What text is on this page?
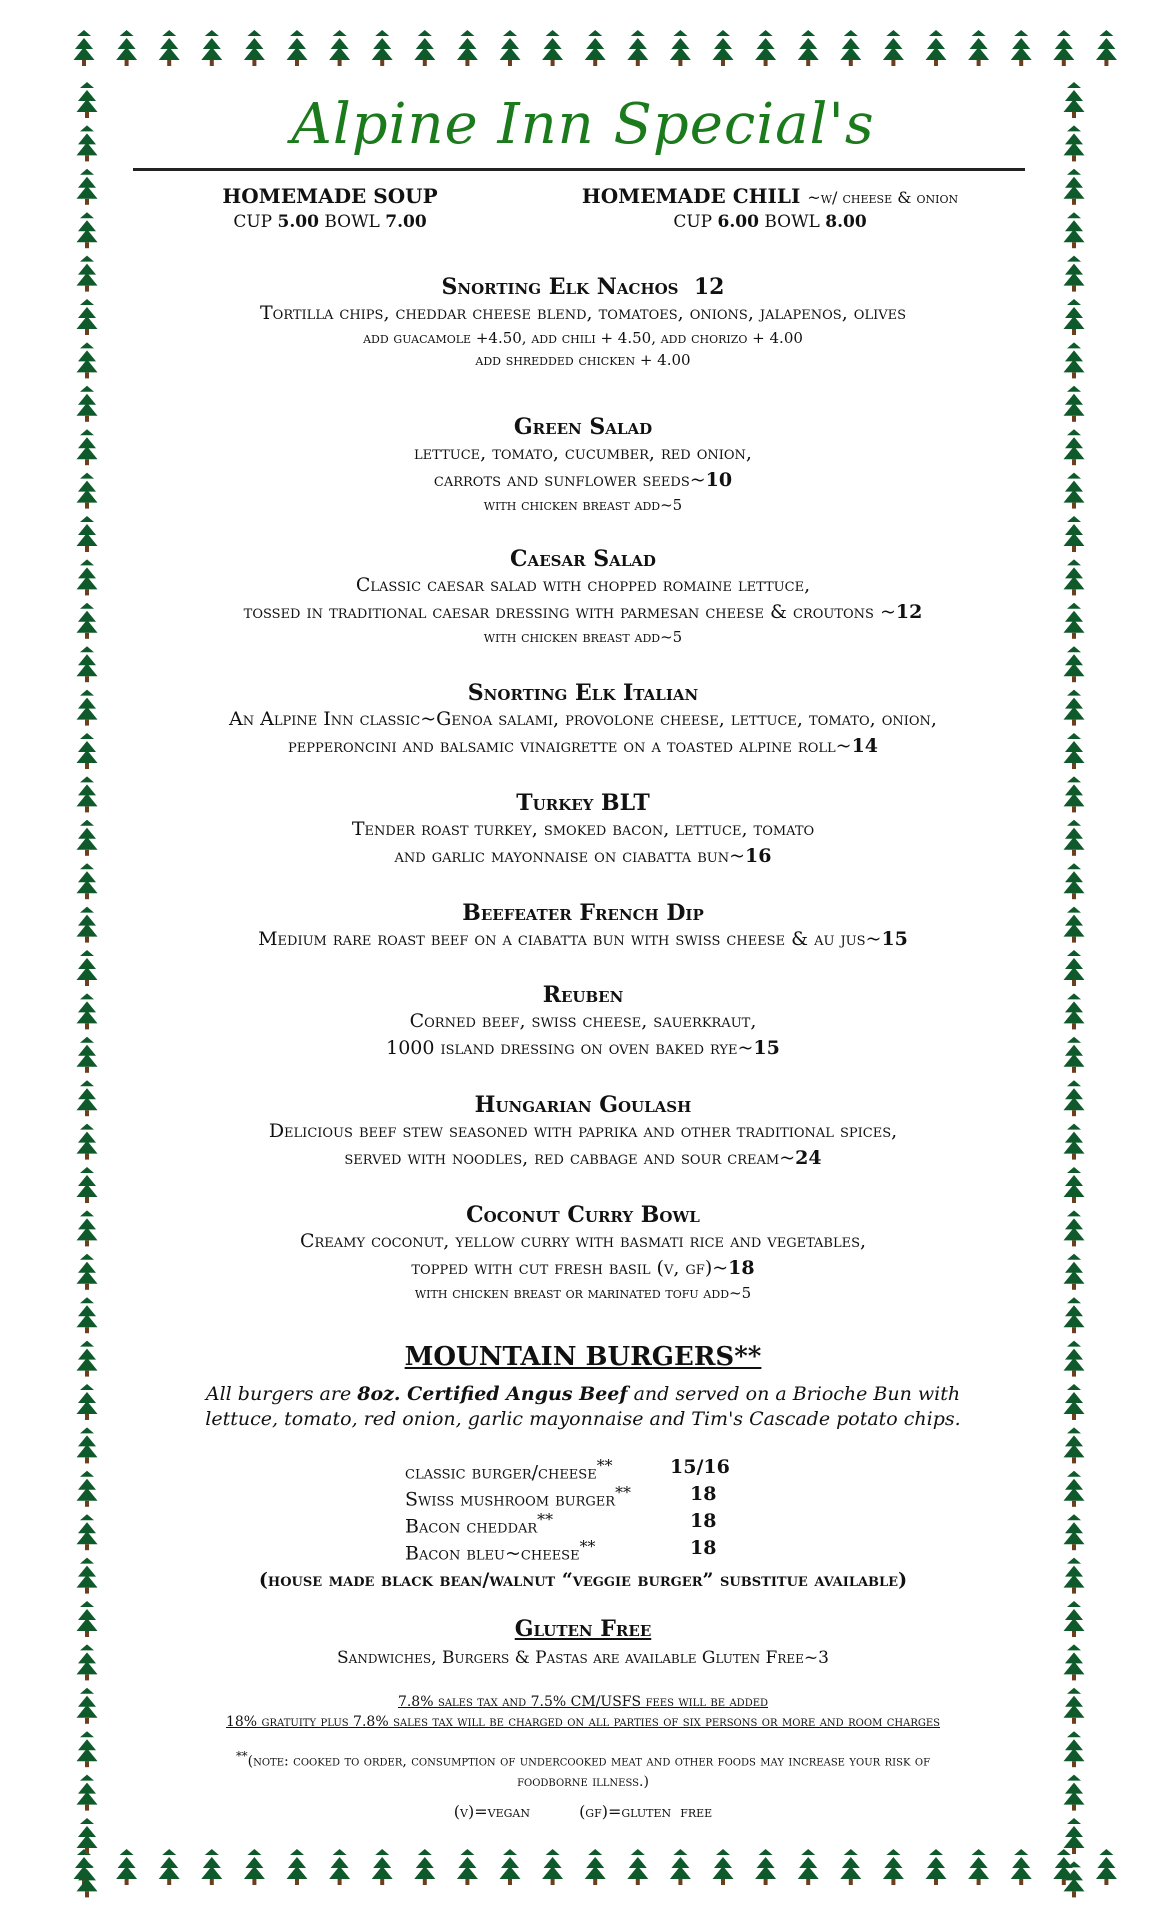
Alpine Inn Special's
HOMEMADE SOUP
CUP 5.00 BOWL 7.00
HOMEMADE CHILI ~w/ cheese & onion
CUP 6.00 BOWL 8.00
Snorting Elk Nachos 12
Tortilla chips, cheddar cheese blend, tomatoes, onions, jalapenos, olives
add guacamole +4.50, add chili + 4.50, add chorizo + 4.00
add shredded chicken + 4.00
Green Salad
lettuce, tomato, cucumber, red onion,
carrots and sunflower seeds~10
with chicken breast add~5
Caesar Salad
Classic caesar salad with chopped romaine lettuce,
tossed in traditional caesar dressing with parmesan cheese & croutons ~12
with chicken breast add~5
Snorting Elk Italian
An Alpine Inn classic~Genoa salami, provolone cheese, lettuce, tomato, onion,
pepperoncini and balsamic vinaigrette on a toasted alpine roll~14
Turkey BLT
Tender roast turkey, smoked bacon, lettuce, tomato
and garlic mayonnaise on ciabatta bun~16
Beefeater French Dip
Medium rare roast beef on a ciabatta bun with swiss cheese & au jus~15
Reuben
Corned beef, swiss cheese, sauerkraut,
1000 island dressing on oven baked rye~15
Hungarian Goulash
Delicious beef stew seasoned with paprika and other traditional spices,
served with noodles, red cabbage and sour cream~24
Coconut Curry Bowl
Creamy coconut, yellow curry with basmati rice and vegetables,
topped with cut fresh basil (v, gf)~18
with chicken breast or marinated tofu add~5
MOUNTAIN BURGERS**
All burgers are 8oz. Certified Angus Beef and served on a Brioche Bun with
lettuce, tomato, red onion, garlic mayonnaise and Tim's Cascade potato chips.
classic burger/cheese**	15/16
Swiss mushroom burger**	18
Bacon cheddar**	18
Bacon bleu~cheese**	18
(house made black bean/walnut “veggie burger” substitue available)
Gluten Free
Sandwiches, Burgers & Pastas are available Gluten Free~3
7.8% sales tax and 7.5% CM/USFS fees will be added
18% gratuity plus 7.8% sales tax will be charged on all parties of six persons or more and room charges
**(note: cooked to order, consumption of undercooked meat and other foods may increase your risk of
foodborne illness.)
(v)=vegan	(gf)=gluten free
